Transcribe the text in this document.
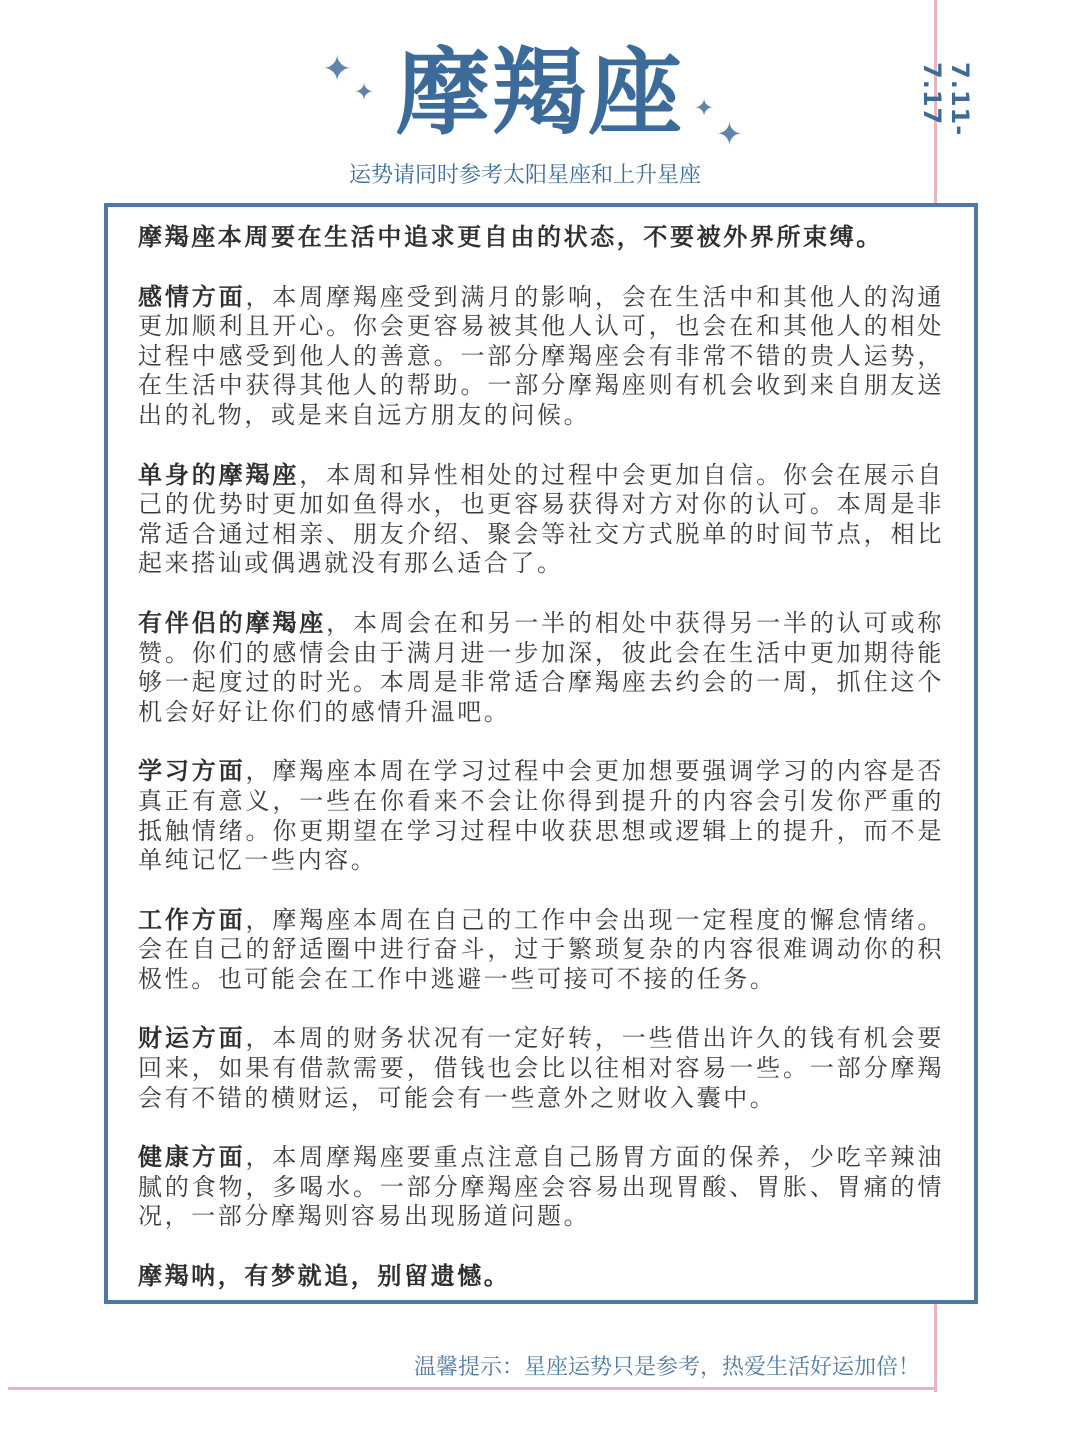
✦
✦
✦
✦
摩羯座
运势请同时参考太阳星座和上升星座
7.11-7.17

摩羯座本周要在生活中追求更自由的状态，不要被外界所束缚。

感情方面，本周摩羯座受到满月的影响，会在生活中和其他人的沟通更加顺利且开心。你会更容易被其他人认可，也会在和其他人的相处过程中感受到他人的善意。一部分摩羯座会有非常不错的贵人运势，在生活中获得其他人的帮助。一部分摩羯座则有机会收到来自朋友送出的礼物，或是来自远方朋友的问候。

单身的摩羯座，本周和异性相处的过程中会更加自信。你会在展示自己的优势时更加如鱼得水，也更容易获得对方对你的认可。本周是非常适合通过相亲、朋友介绍、聚会等社交方式脱单的时间节点，相比起来搭讪或偶遇就没有那么适合了。

有伴侣的摩羯座，本周会在和另一半的相处中获得另一半的认可或称赞。你们的感情会由于满月进一步加深，彼此会在生活中更加期待能够一起度过的时光。本周是非常适合摩羯座去约会的一周，抓住这个机会好好让你们的感情升温吧。

学习方面，摩羯座本周在学习过程中会更加想要强调学习的内容是否真正有意义，一些在你看来不会让你得到提升的内容会引发你严重的抵触情绪。你更期望在学习过程中收获思想或逻辑上的提升，而不是单纯记忆一些内容。

工作方面，摩羯座本周在自己的工作中会出现一定程度的懈怠情绪。会在自己的舒适圈中进行奋斗，过于繁琐复杂的内容很难调动你的积极性。也可能会在工作中逃避一些可接可不接的任务。

财运方面，本周的财务状况有一定好转，一些借出许久的钱有机会要回来，如果有借款需要，借钱也会比以往相对容易一些。一部分摩羯会有不错的横财运，可能会有一些意外之财收入囊中。

健康方面，本周摩羯座要重点注意自己肠胃方面的保养，少吃辛辣油腻的食物，多喝水。一部分摩羯座会容易出现胃酸、胃胀、胃痛的情况，一部分摩羯则容易出现肠道问题。

摩羯呐，有梦就追，别留遗憾。

温馨提示：星座运势只是参考，热爱生活好运加倍！
